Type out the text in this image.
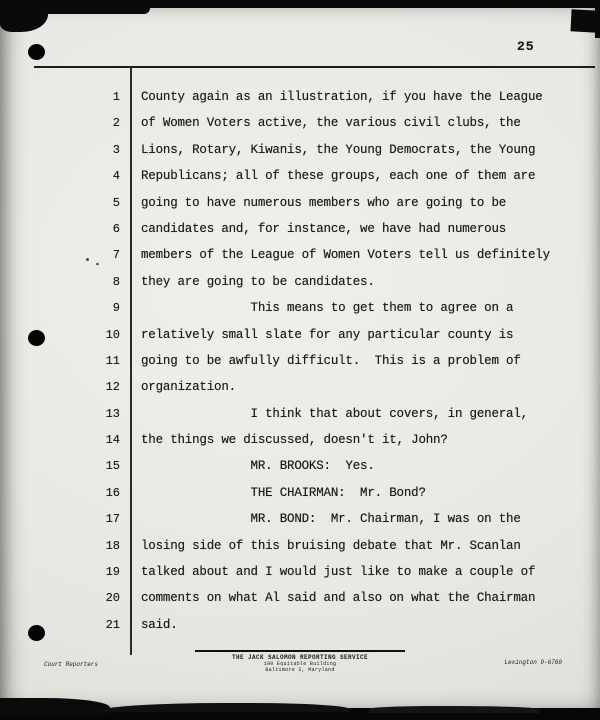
25
1	County again as an illustration, if you have the League
2	of Women Voters active, the various civil clubs, the
3	Lions, Rotary, Kiwanis, the Young Democrats, the Young
4	Republicans; all of these groups, each one of them are
5	going to have numerous members who are going to be
6	candidates and, for instance, we have had numerous
7	members of the League of Women Voters tell us definitely
8	they are going to be candidates.
9	This means to get them to agree on a
10	relatively small slate for any particular county is
11	going to be awfully difficult.  This is a problem of
12	organization.
13	I think that about covers, in general,
14	the things we discussed, doesn't it, John?
15	MR. BROOKS:  Yes.
16	THE CHAIRMAN:  Mr. Bond?
17	MR. BOND:  Mr. Chairman, I was on the
18	losing side of this bruising debate that Mr. Scanlan
19	talked about and I would just like to make a couple of
20	comments on what Al said and also on what the Chairman
21	said.
Court Reporters
THE JACK SALOMON REPORTING SERVICE
100 Equitable Building
Baltimore 2, Maryland
Lexington 9-6760
